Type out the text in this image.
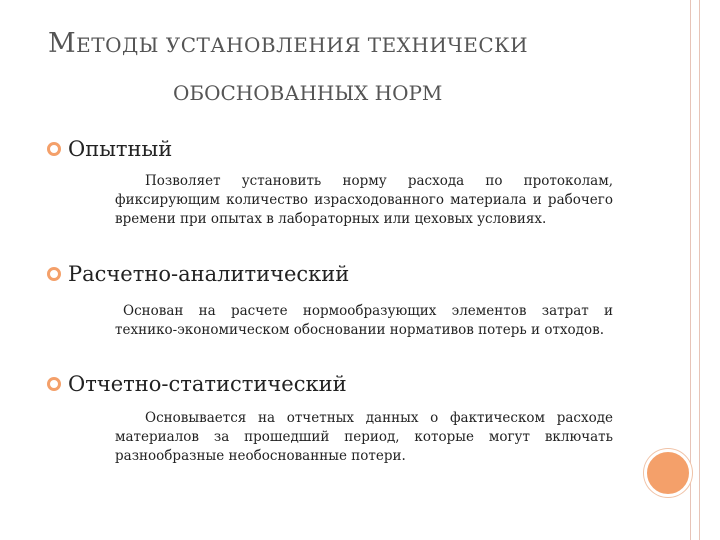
МЕТОДЫ УСТАНОВЛЕНИЯ ТЕХНИЧЕСКИ
ОБОСНОВАННЫХ НОРМ
Опытный
Позволяет установить норму расхода по протоколам, фиксирующим количество израсходованного материала и рабочего времени при опытах в лабораторных или цеховых условиях.
Расчетно-аналитический
Основан на расчете нормообразующих элементов затрат и технико-экономическом обосновании нормативов потерь и отходов.
Отчетно-статистический
Основывается на отчетных данных о фактическом расходе материалов за прошедший период, которые могут включать разнообразные необоснованные потери.
